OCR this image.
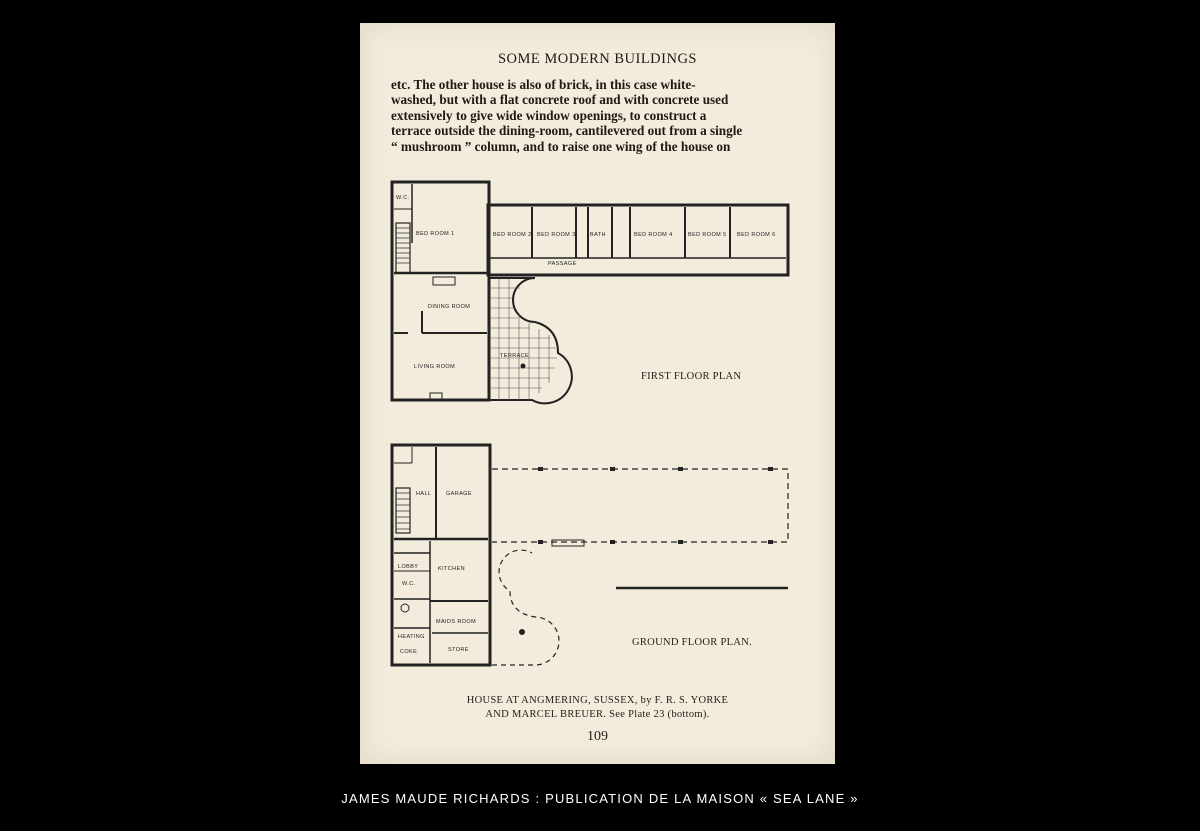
SOME MODERN BUILDINGS

etc. The other house is also of brick, in this case white-

washed, but with a flat concrete roof and with concrete used

extensively to give wide window openings, to construct a

terrace outside the dining-room, cantilevered out from a single

“ mushroom ” column, and to raise one wing of the house on

BED ROOM 1	BED ROOM 2 BED ROOM 3	BATH	BED ROOM 4	BED ROOM 5 BED ROOM 6
PASSAGE
W.C.
DINING ROOM
LIVING ROOM
TERRACE
HALL	GARAGE
KITCHEN
LOBBY
W.C.
MAIDS ROOM
HEATING
COKE	STORE
FIRST FLOOR PLAN
GROUND FLOOR PLAN.
HOUSE AT ANGMERING, SUSSEX, by F. R. S. YORKE
AND MARCEL BREUER. See Plate 23 (bottom).
109
JAMES MAUDE RICHARDS : PUBLICATION DE LA MAISON « SEA LANE »
